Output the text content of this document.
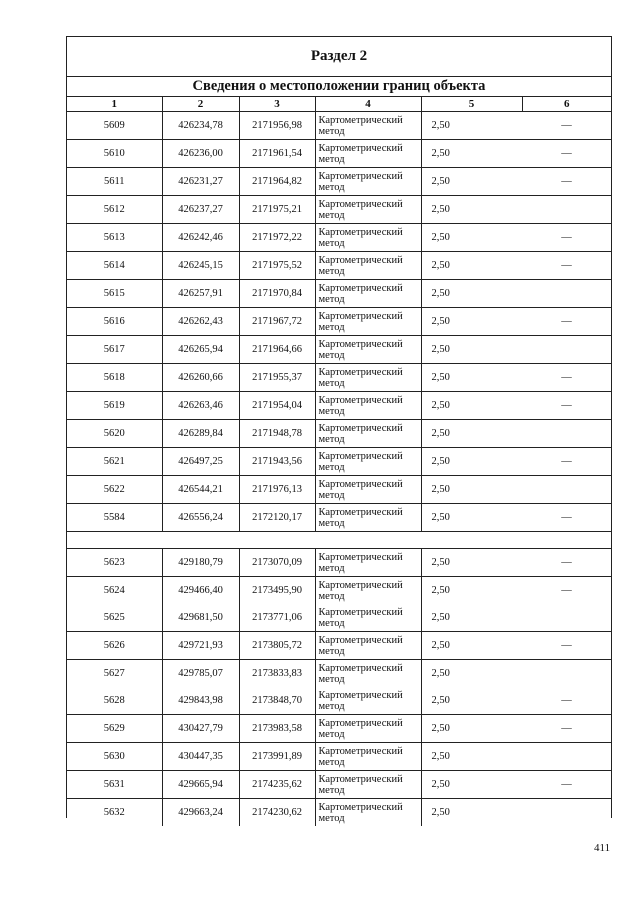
Раздел 2
Сведения о местоположении границ объекта
1	2	3	4	5	6
5609	426234,78	2171956,98	Картометрический метод	2,50	—
5610	426236,00	2171961,54	Картометрический метод	2,50	—
5611	426231,27	2171964,82	Картометрический метод	2,50	—
5612	426237,27	2171975,21	Картометрический метод	2,50	
5613	426242,46	2171972,22	Картометрический метод	2,50	—
5614	426245,15	2171975,52	Картометрический метод	2,50	—
5615	426257,91	2171970,84	Картометрический метод	2,50	
5616	426262,43	2171967,72	Картометрический метод	2,50	—
5617	426265,94	2171964,66	Картометрический метод	2,50	
5618	426260,66	2171955,37	Картометрический метод	2,50	—
5619	426263,46	2171954,04	Картометрический метод	2,50	—
5620	426289,84	2171948,78	Картометрический метод	2,50	
5621	426497,25	2171943,56	Картометрический метод	2,50	—
5622	426544,21	2171976,13	Картометрический метод	2,50	
5584	426556,24	2172120,17	Картометрический метод	2,50	—

5623	429180,79	2173070,09	Картометрический метод	2,50	—
5624	429466,40	2173495,90	Картометрический метод	2,50	—
5625	429681,50	2173771,06	Картометрический метод	2,50	
5626	429721,93	2173805,72	Картометрический метод	2,50	—
5627	429785,07	2173833,83	Картометрический метод	2,50	
5628	429843,98	2173848,70	Картометрический метод	2,50	—
5629	430427,79	2173983,58	Картометрический метод	2,50	—
5630	430447,35	2173991,89	Картометрический метод	2,50	
5631	429665,94	2174235,62	Картометрический метод	2,50	—
5632	429663,24	2174230,62	Картометрический метод	2,50	
411
